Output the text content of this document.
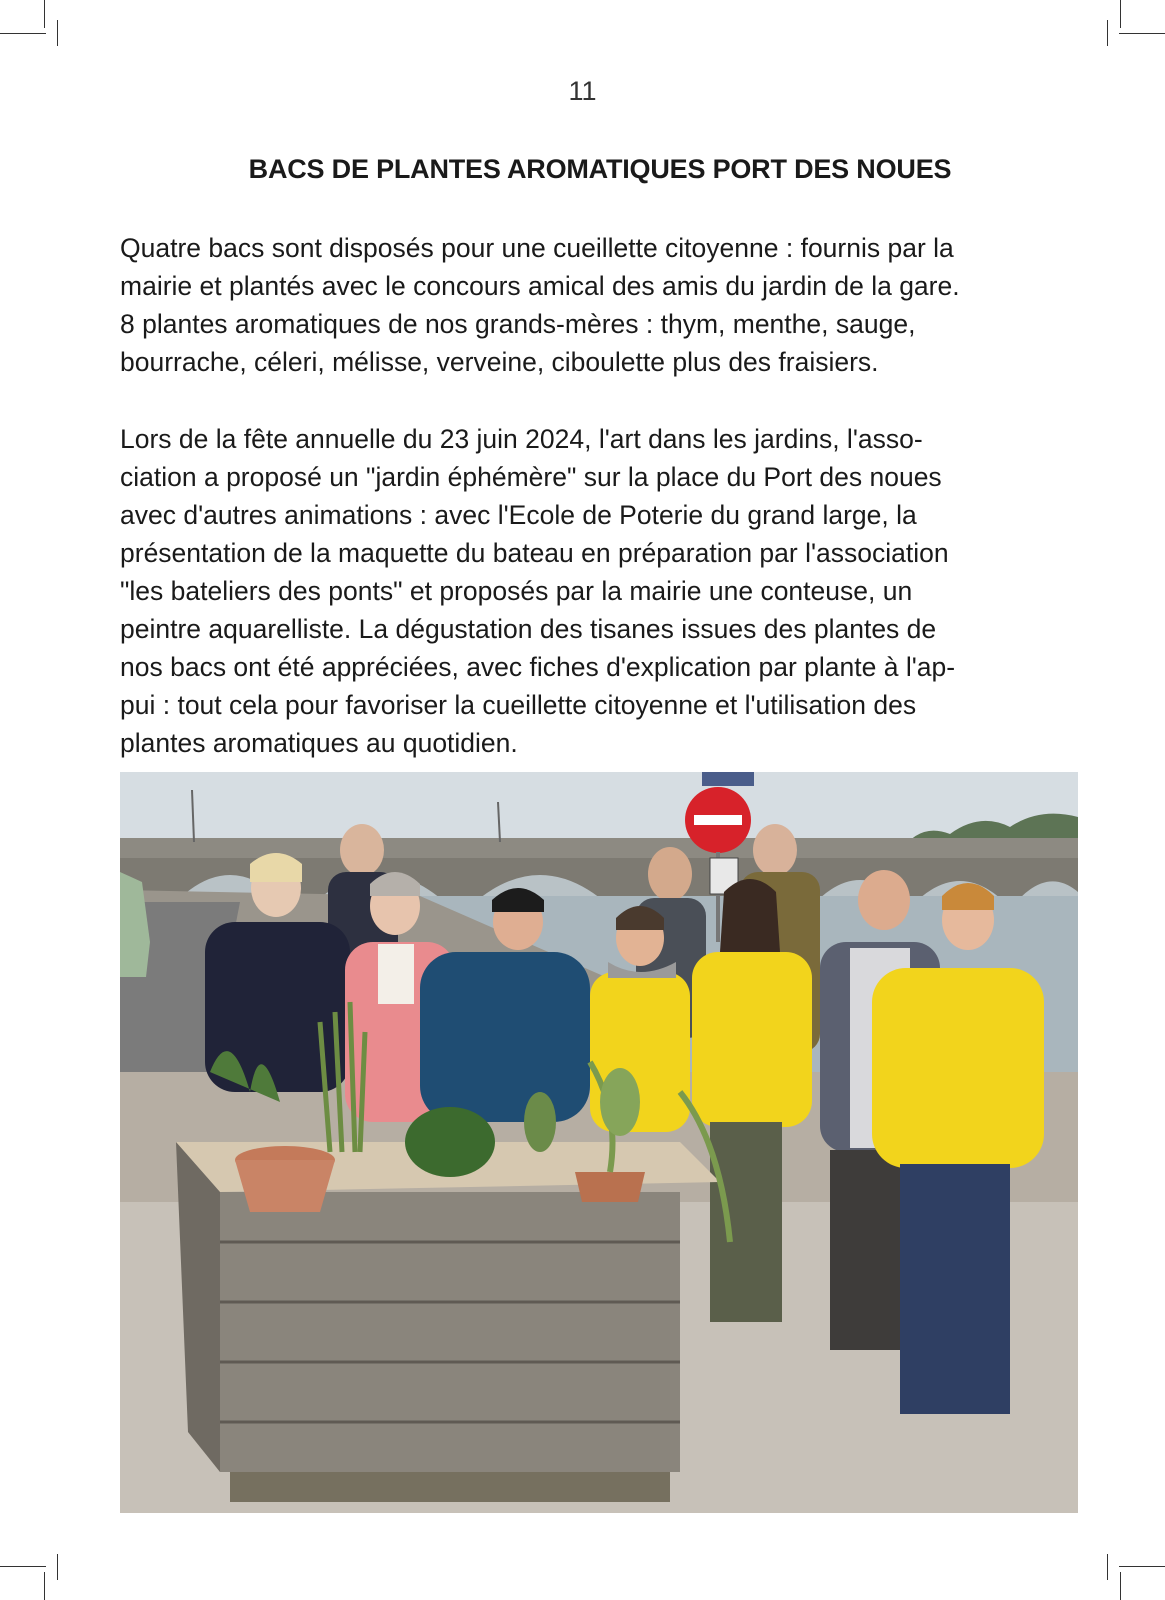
11
BACS DE PLANTES AROMATIQUES PORT DES NOUES

Quatre bacs sont disposés pour une cueillette citoyenne : fournis par la
mairie et plantés avec le concours amical des amis du jardin de la gare.
8 plantes aromatiques de nos grands-mères : thym, menthe, sauge,
bourrache, céleri, mélisse, verveine, ciboulette plus des fraisiers.

Lors de la fête annuelle du 23 juin 2024, l'art dans les jardins, l'asso-
ciation a proposé un "jardin éphémère" sur la place du Port des noues
avec d'autres animations : avec l'Ecole de Poterie du grand large, la
présentation de la maquette du bateau en préparation par l'association
"les bateliers des ponts" et proposés par la mairie une conteuse, un
peintre aquarelliste. La dégustation des tisanes issues des plantes de
nos bacs ont été appréciées, avec fiches d'explication par plante à l'ap-
pui : tout cela pour favoriser la cueillette citoyenne et l'utilisation des
plantes aromatiques au quotidien.
